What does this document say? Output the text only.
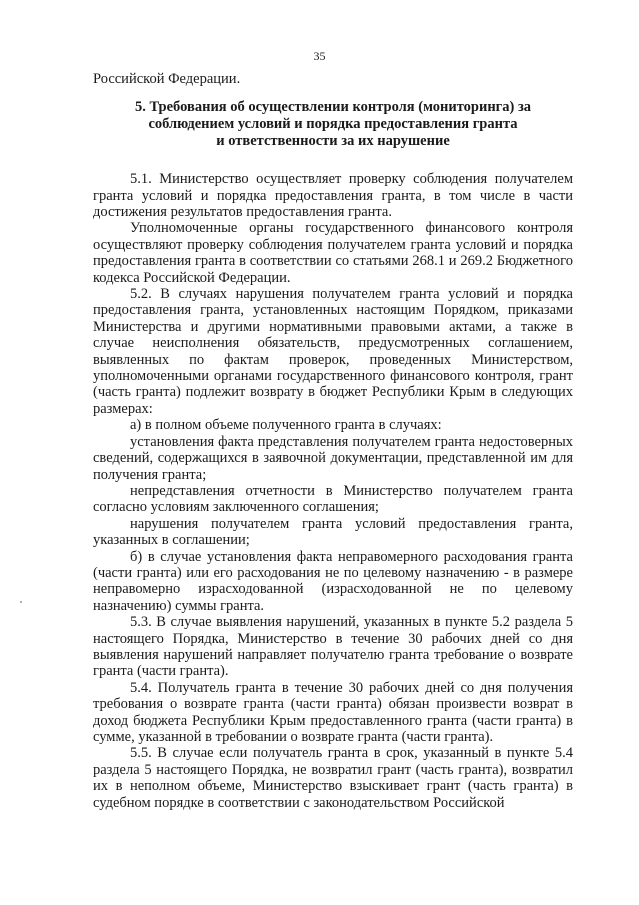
35

Российской Федерации.

5. Требования об осуществлении контроля (мониторинга) за
соблюдением условий и порядка предоставления гранта
и ответственности за их нарушение

5.1. Министерство осуществляет проверку соблюдения получателем гранта условий и порядка предоставления гранта, в том числе в части достижения результатов предоставления гранта.

Уполномоченные органы государственного финансового контроля осуществляют проверку соблюдения получателем гранта условий и порядка предоставления гранта в соответствии со статьями 268.1 и 269.2 Бюджетного кодекса Российской Федерации.

5.2. В случаях нарушения получателем гранта условий и порядка предоставления гранта, установленных настоящим Порядком, приказами Министерства и другими нормативными правовыми актами, а также в случае неисполнения обязательств, предусмотренных соглашением, выявленных по фактам проверок, проведенных Министерством, уполномоченными органами государственного финансового контроля, грант (часть гранта) подлежит возврату в бюджет Республики Крым в следующих размерах:

а) в полном объеме полученного гранта в случаях:

установления факта представления получателем гранта недостоверных сведений, содержащихся в заявочной документации, представленной им для получения гранта;

непредставления отчетности в Министерство получателем гранта согласно условиям заключенного соглашения;

нарушения получателем гранта условий предоставления гранта, указанных в соглашении;

б) в случае установления факта неправомерного расходования гранта (части гранта) или его расходования не по целевому назначению - в размере неправомерно израсходованной (израсходованной не по целевому назначению) суммы гранта.

5.3. В случае выявления нарушений, указанных в пункте 5.2 раздела 5 настоящего Порядка, Министерство в течение 30 рабочих дней со дня выявления нарушений направляет получателю гранта требование о возврате гранта (части гранта).

5.4. Получатель гранта в течение 30 рабочих дней со дня получения требования о возврате гранта (части гранта) обязан произвести возврат в доход бюджета Республики Крым предоставленного гранта (части гранта) в сумме, указанной в требовании о возврате гранта (части гранта).

5.5. В случае если получатель гранта в срок, указанный в пункте 5.4 раздела 5 настоящего Порядка, не возвратил грант (часть гранта), возвратил их в неполном объеме, Министерство взыскивает грант (часть гранта) в судебном порядке в соответствии с законодательством Российской
